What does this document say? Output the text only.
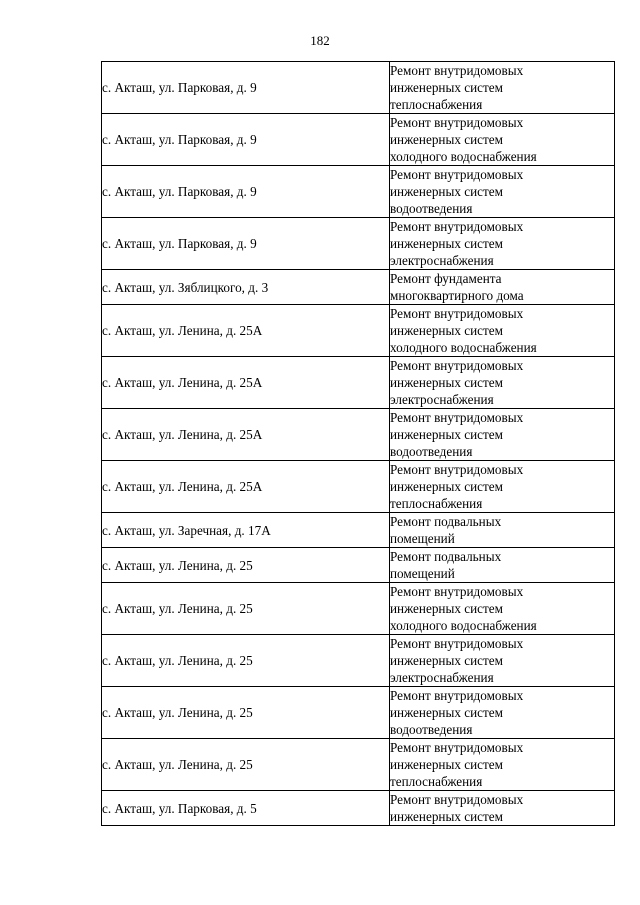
182
с. Акташ, ул. Парковая, д. 9	Ремонт внутридомовых
инженерных систем
теплоснабжения

с. Акташ, ул. Парковая, д. 9	Ремонт внутридомовых
инженерных систем
холодного водоснабжения

с. Акташ, ул. Парковая, д. 9	Ремонт внутридомовых
инженерных систем
водоотведения

с. Акташ, ул. Парковая, д. 9	Ремонт внутридомовых
инженерных систем
электроснабжения

с. Акташ, ул. Зяблицкого, д. 3	Ремонт фундамента
многоквартирного дома

с. Акташ, ул. Ленина, д. 25А	Ремонт внутридомовых
инженерных систем
холодного водоснабжения

с. Акташ, ул. Ленина, д. 25А	Ремонт внутридомовых
инженерных систем
электроснабжения

с. Акташ, ул. Ленина, д. 25А	Ремонт внутридомовых
инженерных систем
водоотведения

с. Акташ, ул. Ленина, д. 25А	Ремонт внутридомовых
инженерных систем
теплоснабжения

с. Акташ, ул. Заречная, д. 17А	Ремонт подвальных
помещений

с. Акташ, ул. Ленина, д. 25	Ремонт подвальных
помещений

с. Акташ, ул. Ленина, д. 25	Ремонт внутридомовых
инженерных систем
холодного водоснабжения

с. Акташ, ул. Ленина, д. 25	Ремонт внутридомовых
инженерных систем
электроснабжения

с. Акташ, ул. Ленина, д. 25	Ремонт внутридомовых
инженерных систем
водоотведения

с. Акташ, ул. Ленина, д. 25	Ремонт внутридомовых
инженерных систем
теплоснабжения

с. Акташ, ул. Парковая, д. 5	Ремонт внутридомовых
инженерных систем
